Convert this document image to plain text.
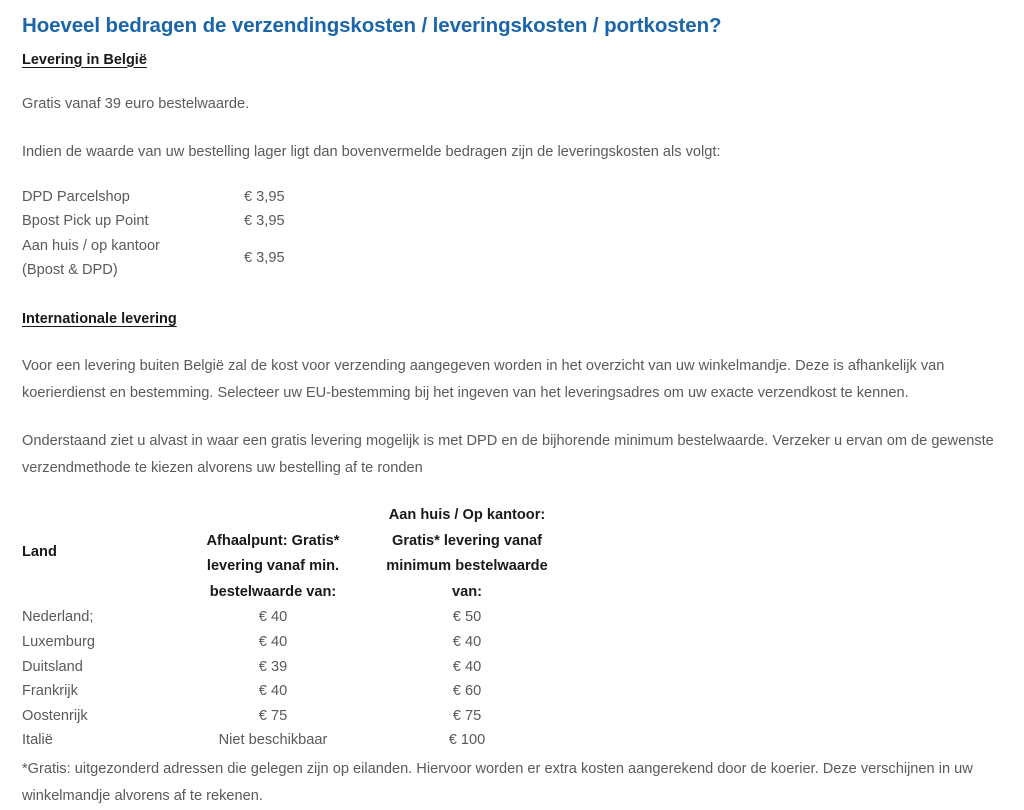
Hoeveel bedragen de verzendingskosten / leveringskosten / portkosten?
Levering in België

Gratis vanaf 39 euro bestelwaarde.

Indien de waarde van uw bestelling lager ligt dan bovenvermelde bedragen zijn de leveringskosten als volgt:

DPD Parcelshop	€ 3,95
Bpost Pick up Point	€ 3,95
Aan huis / op kantoor
(Bpost & DPD)	€ 3,95
Internationale levering

Voor een levering buiten België zal de kost voor verzending aangegeven worden in het overzicht van uw winkelmandje. Deze is afhankelijk van koerierdienst en bestemming. Selecteer uw EU-bestemming bij het ingeven van het leveringsadres om uw exacte verzendkost te kennen.

Onderstaand ziet u alvast in waar een gratis levering mogelijk is met DPD en de bijhorende minimum bestelwaarde. Verzeker u ervan om de gewenste verzendmethode te kiezen alvorens uw bestelling af te ronden

Land	
Afhaalpunt: Gratis*
levering vanaf min.
bestelwaarde van:

Aan huis / Op kantoor:
Gratis* levering vanaf
minimum bestelwaarde
van:

Nederland;	€ 40	€ 50
Luxemburg	€ 40	€ 40
Duitsland	€ 39	€ 40
Frankrijk	€ 40	€ 60
Oostenrijk	€ 75	€ 75
Italië	Niet beschikbaar	€ 100

*Gratis: uitgezonderd adressen die gelegen zijn op eilanden. Hiervoor worden er extra kosten aangerekend door de koerier. Deze verschijnen in uw winkelmandje alvorens af te rekenen.
